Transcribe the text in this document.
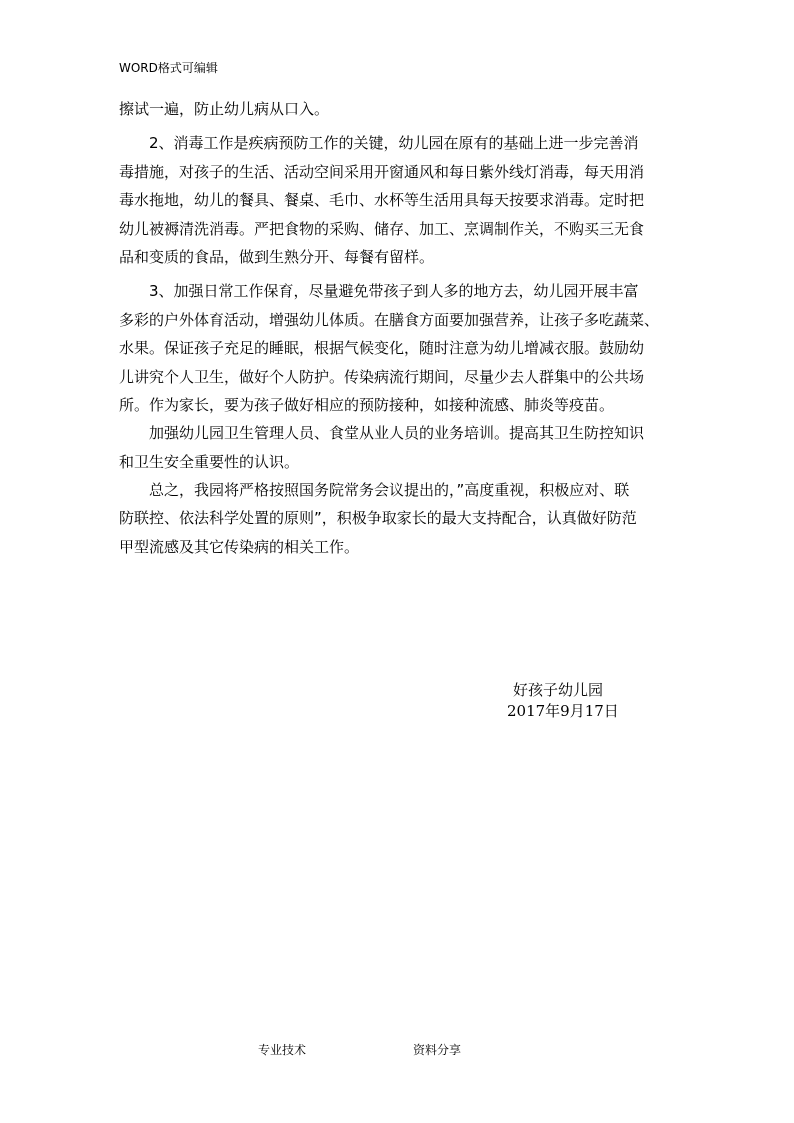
WORD格式可编辑
擦试一遍，防止幼儿病从口入。
　　2、消毒工作是疾病预防工作的关键，幼儿园在原有的基础上进一步完善消
毒措施，对孩子的生活、活动空间采用开窗通风和每日紫外线灯消毒，每天用消
毒水拖地，幼儿的餐具、餐桌、毛巾、水杯等生活用具每天按要求消毒。定时把
幼儿被褥清洗消毒。严把食物的采购、储存、加工、烹调制作关，不购买三无食
品和变质的食品，做到生熟分开、每餐有留样。
　　3、加强日常工作保育，尽量避免带孩子到人多的地方去，幼儿园开展丰富
多彩的户外体育活动，增强幼儿体质。在膳食方面要加强营养，让孩子多吃蔬菜、
水果。保证孩子充足的睡眠，根据气候变化，随时注意为幼儿增减衣服。鼓励幼
儿讲究个人卫生，做好个人防护。传染病流行期间，尽量少去人群集中的公共场
所。作为家长，要为孩子做好相应的预防接种，如接种流感、肺炎等疫苗。
　　加强幼儿园卫生管理人员、食堂从业人员的业务培训。提高其卫生防控知识
和卫生安全重要性的认识。
　　总之，我园将严格按照国务院常务会议提出的，”高度重视，积极应对、联
防联控、依法科学处置的原则”，积极争取家长的最大支持配合，认真做好防范
甲型流感及其它传染病的相关工作。
好孩子幼儿园
2017年9月17日
专业技术	资料分享
